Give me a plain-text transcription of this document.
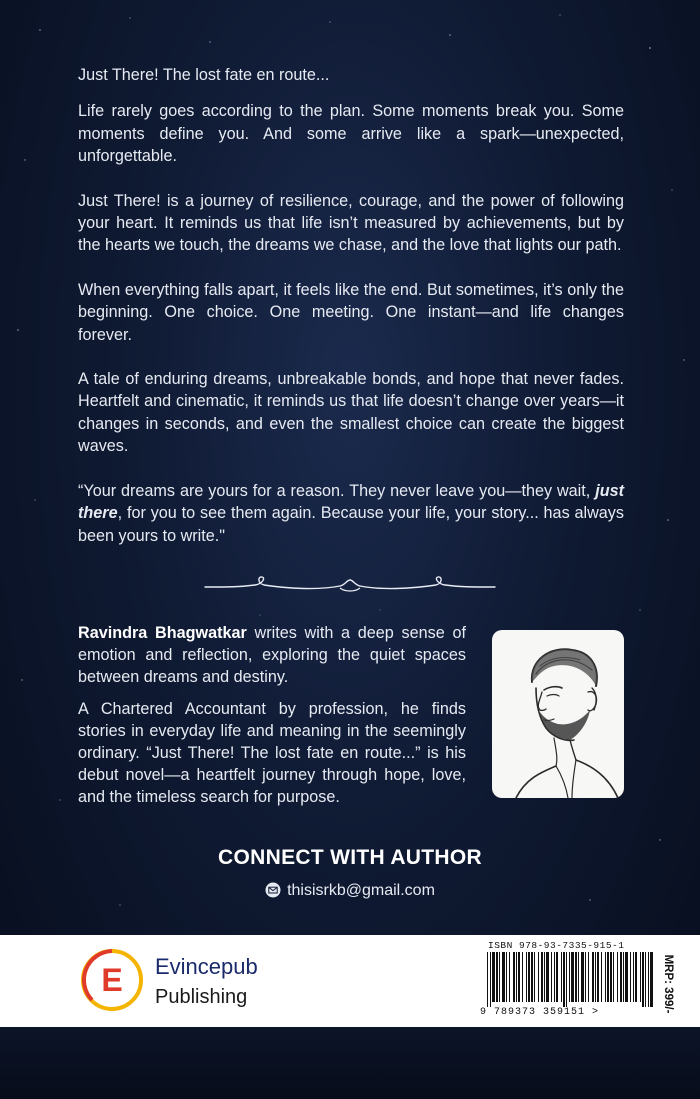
Just There! The lost fate en route...

Life rarely goes according to the plan. Some moments break you. Some moments define you. And some arrive like a spark—unexpected, unforgettable.

Just There! is a journey of resilience, courage, and the power of following your heart. It reminds us that life isn’t measured by achievements, but by the hearts we touch, the dreams we chase, and the love that lights our path.

When everything falls apart, it feels like the end. But sometimes, it’s only the beginning. One choice. One meeting. One instant—and life changes forever.

A tale of enduring dreams, unbreakable bonds, and hope that never fades. Heartfelt and cinematic, it reminds us that life doesn’t change over years—it changes in seconds, and even the smallest choice can create the biggest waves.

“Your dreams are yours for a reason. They never leave you—they wait, just there, for you to see them again. Because your life, your story... has always been yours to write."

Ravindra Bhagwatkar writes with a deep sense of emotion and reflection, exploring the quiet spaces between dreams and destiny.

A Chartered Accountant by profession, he finds stories in everyday life and meaning in the seemingly ordinary. “Just There! The lost fate en route...” is his debut novel—a heartfelt journey through hope, love, and the timeless search for purpose.

CONNECT WITH AUTHOR
thisisrkb@gmail.com
E Evincepub
Publishing
ISBN 978-93-7335-915-1
9 789373 359151 >	MRP: 399/-
